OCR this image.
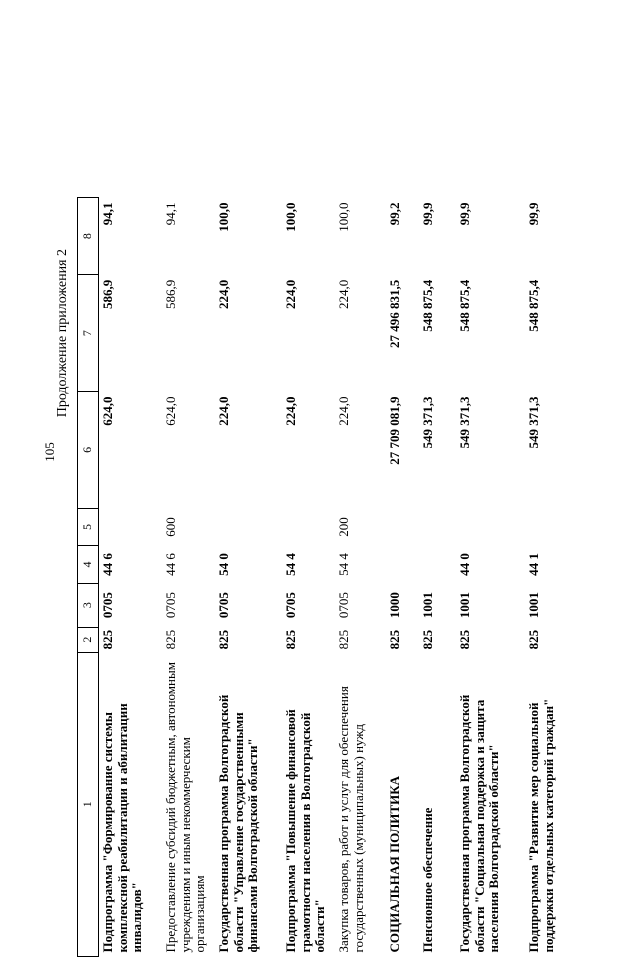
105
Продолжение приложения 2
1	2	3	4	5	6	7	8
Подпрограмма "Формирование системы комплексной реабилитации и абилитации инвалидов"	825	0705	44 6		624,0	586,9	94,1
Предоставление субсидий бюджетным, автономным учреждениям и иным некоммерческим организациям	825	0705	44 6	600	624,0	586,9	94,1
Государственная программа Волгоградской области "Управление государственными финансами Волгоградской области"	825	0705	54 0		224,0	224,0	100,0
Подпрограмма "Повышение финансовой грамотности населения в Волгоградской области"	825	0705	54 4		224,0	224,0	100,0
Закупка товаров, работ и услуг для обеспечения государственных (муниципальных) нужд	825	0705	54 4	200	224,0	224,0	100,0
СОЦИАЛЬНАЯ ПОЛИТИКА	825	1000			27 709 081,9	27 496 831,5	99,2
Пенсионное обеспечение	825	1001			549 371,3	548 875,4	99,9
Государственная программа Волгоградской области "Социальная поддержка и защита населения Волгоградской области"	825	1001	44 0		549 371,3	548 875,4	99,9
Подпрограмма "Развитие мер социальной поддержки отдельных категорий граждан"	825	1001	44 1		549 371,3	548 875,4	99,9
